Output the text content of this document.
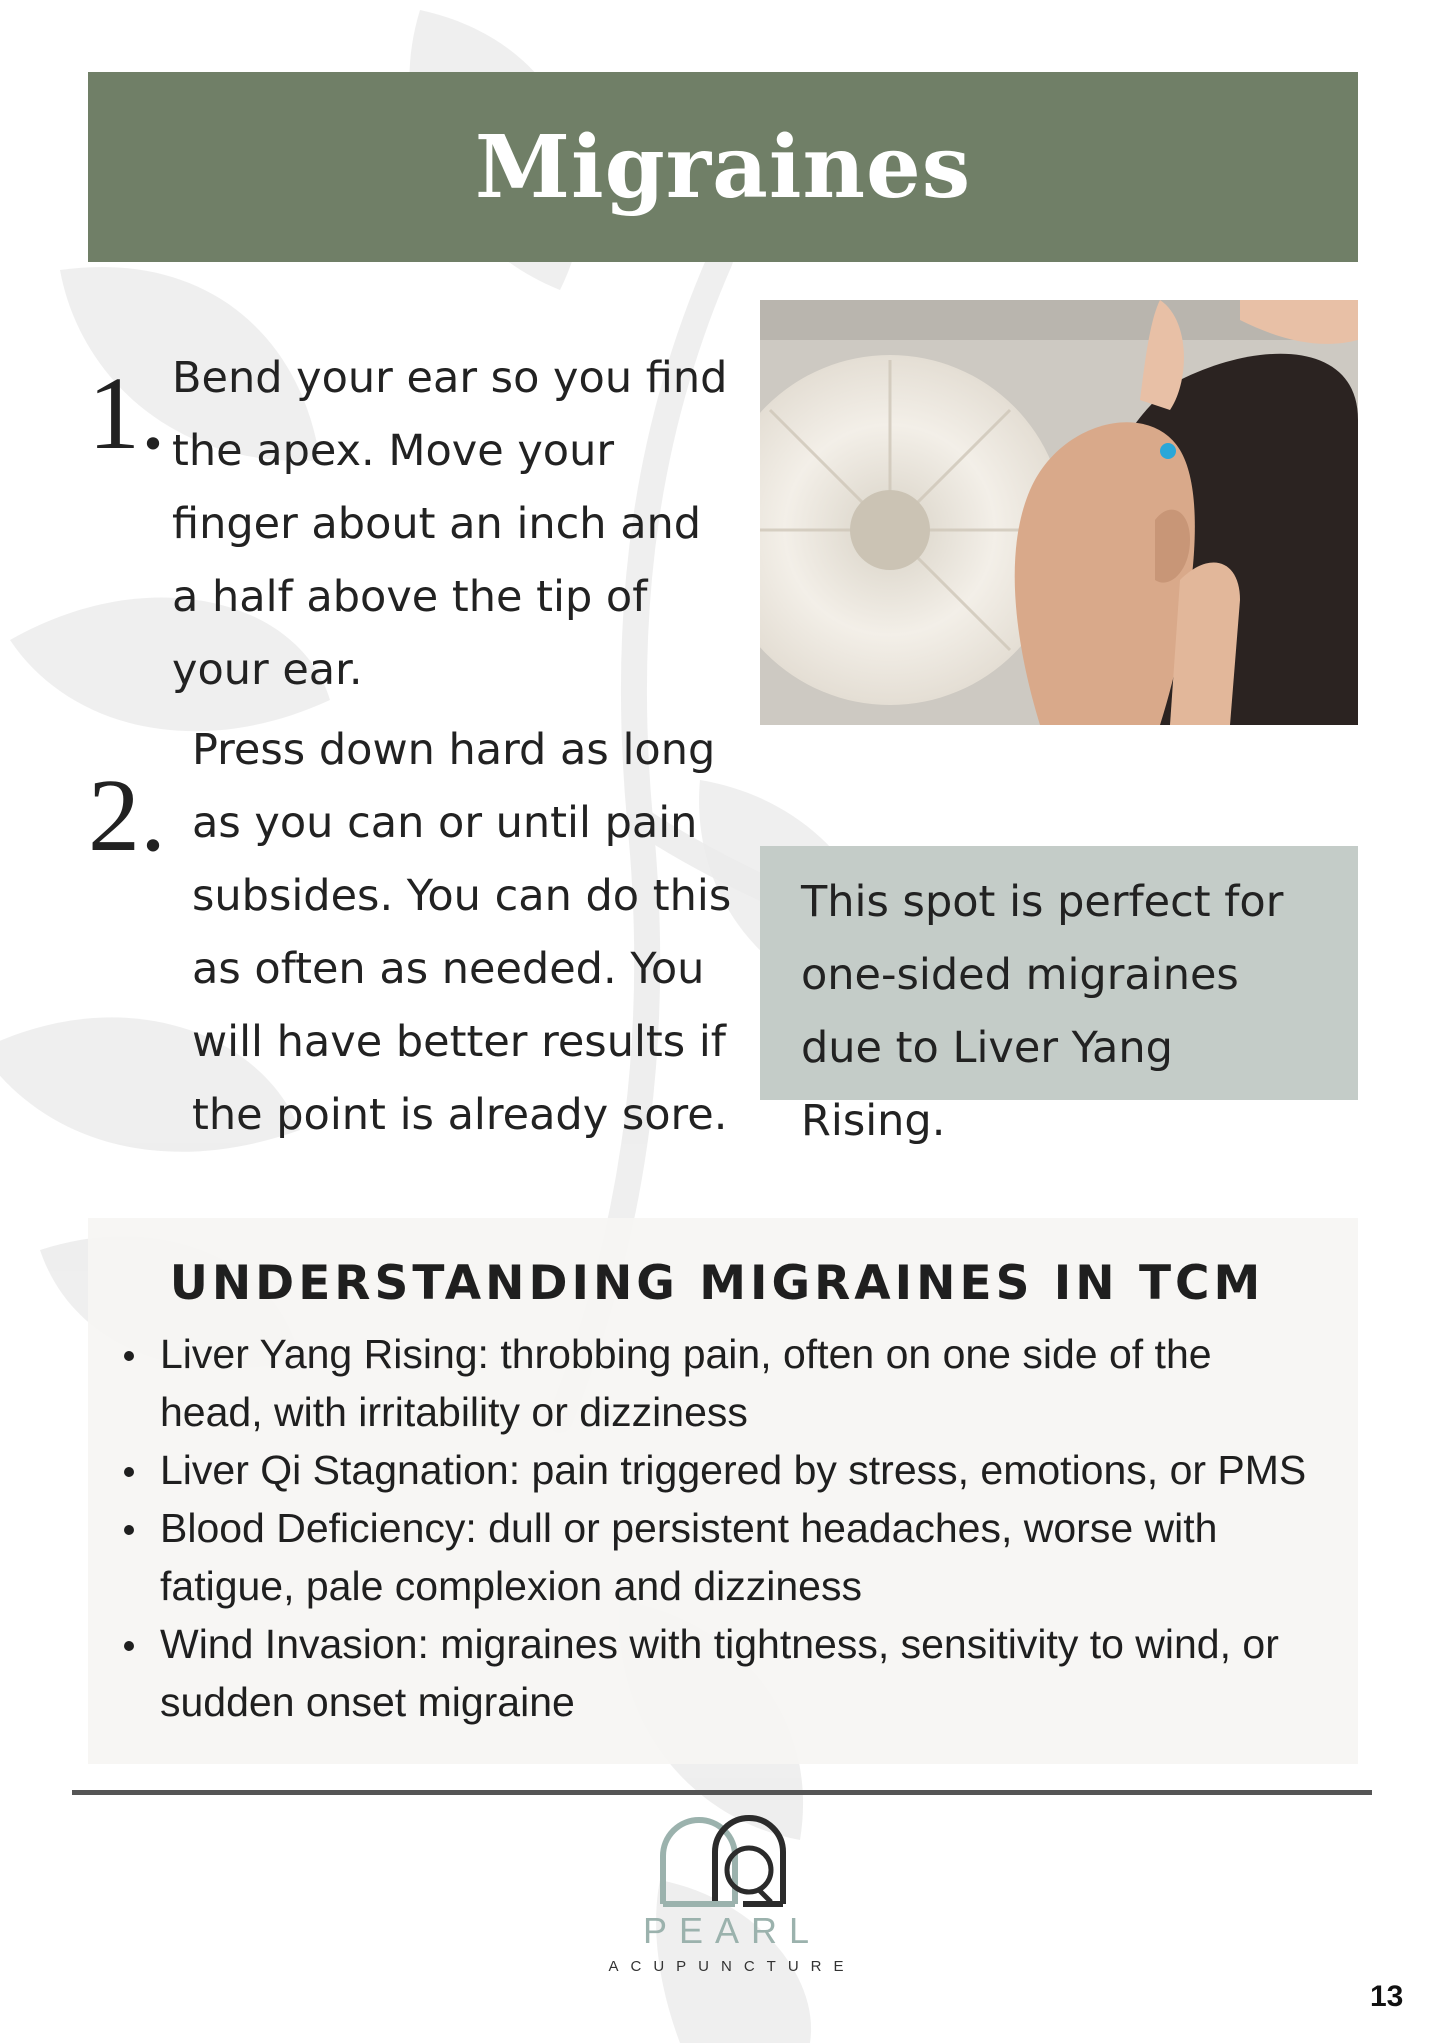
Migraines
1. Bend your ear so you find the apex. Move your finger about an inch and a half above the tip of your ear.
2.
Press down hard as long as you can or until pain subsides. You can do this as often as needed. You will have better results if the point is already sore.
This spot is perfect for one-sided migraines due to Liver Yang Rising.
UNDERSTANDING MIGRAINES IN TCM
Liver Yang Rising: throbbing pain, often on one side of the head, with irritability or dizziness
Liver Qi Stagnation: pain triggered by stress, emotions, or PMS
Blood Deficiency: dull or persistent headaches, worse with fatigue, pale complexion and dizziness
Wind Invasion: migraines with tightness, sensitivity to wind, or sudden onset migraine
PEARL
ACUPUNCTURE
13
